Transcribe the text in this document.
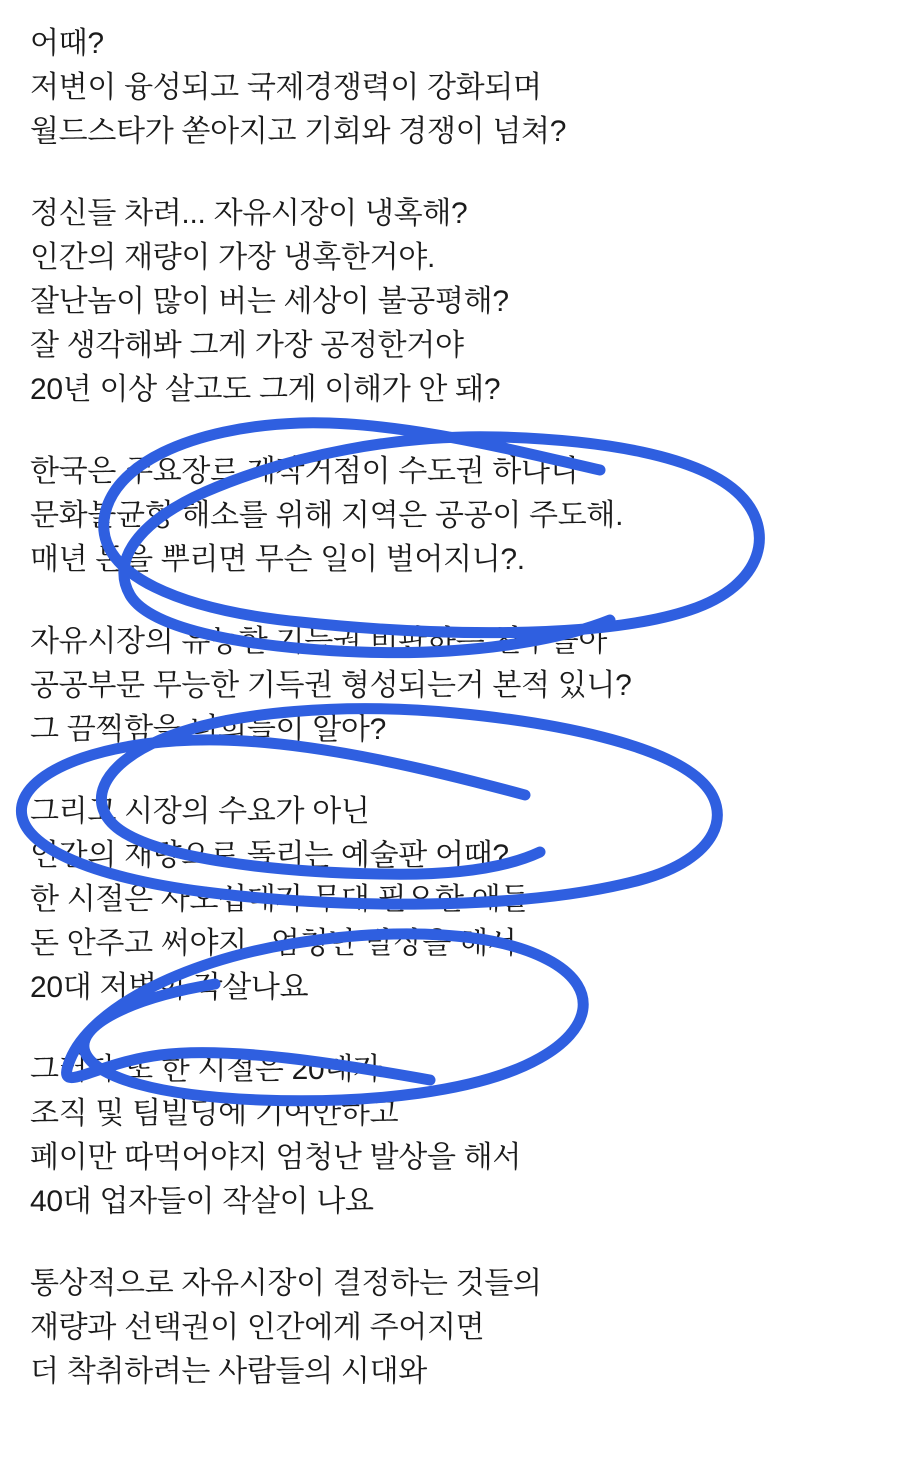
어때?
저변이 융성되고 국제경쟁력이 강화되며
월드스타가 쏟아지고 기회와 경쟁이 넘쳐?
정신들 차려... 자유시장이 냉혹해?
인간의 재량이 가장 냉혹한거야.
잘난놈이 많이 버는 세상이 불공평해?
잘 생각해봐 그게 가장 공정한거야
20년 이상 살고도 그게 이해가 안 돼?
한국은 주요장르 제작거점이 수도권 하나니
문화불균형 해소를 위해 지역은 공공이 주도해.
매년 돈을 뿌리면 무슨 일이 벌어지니?.
자유시장의 유능한 기득권 비판하는 친구들아
공공부문 무능한 기득권 형성되는거 본적 있니?
그 끔찍함을 너희들이 알아?
그리고 시장의 수요가 아닌
인간의 재량으로 돌리는 예술판 어때?
한 시절은 사오십대가 무대 필요한 애들
돈 안주고 써야지...엄청난 발상을 해서
20대 저변이 작살나요
그러다 또 한 시절은 20대가
조직 및 팀빌딩에 기여안하고
페이만 따먹어야지 엄청난 발상을 해서
40대 업자들이 작살이 나요
통상적으로 자유시장이 결정하는 것들의
재량과 선택권이 인간에게 주어지면
더 착취하려는 사람들의 시대와
